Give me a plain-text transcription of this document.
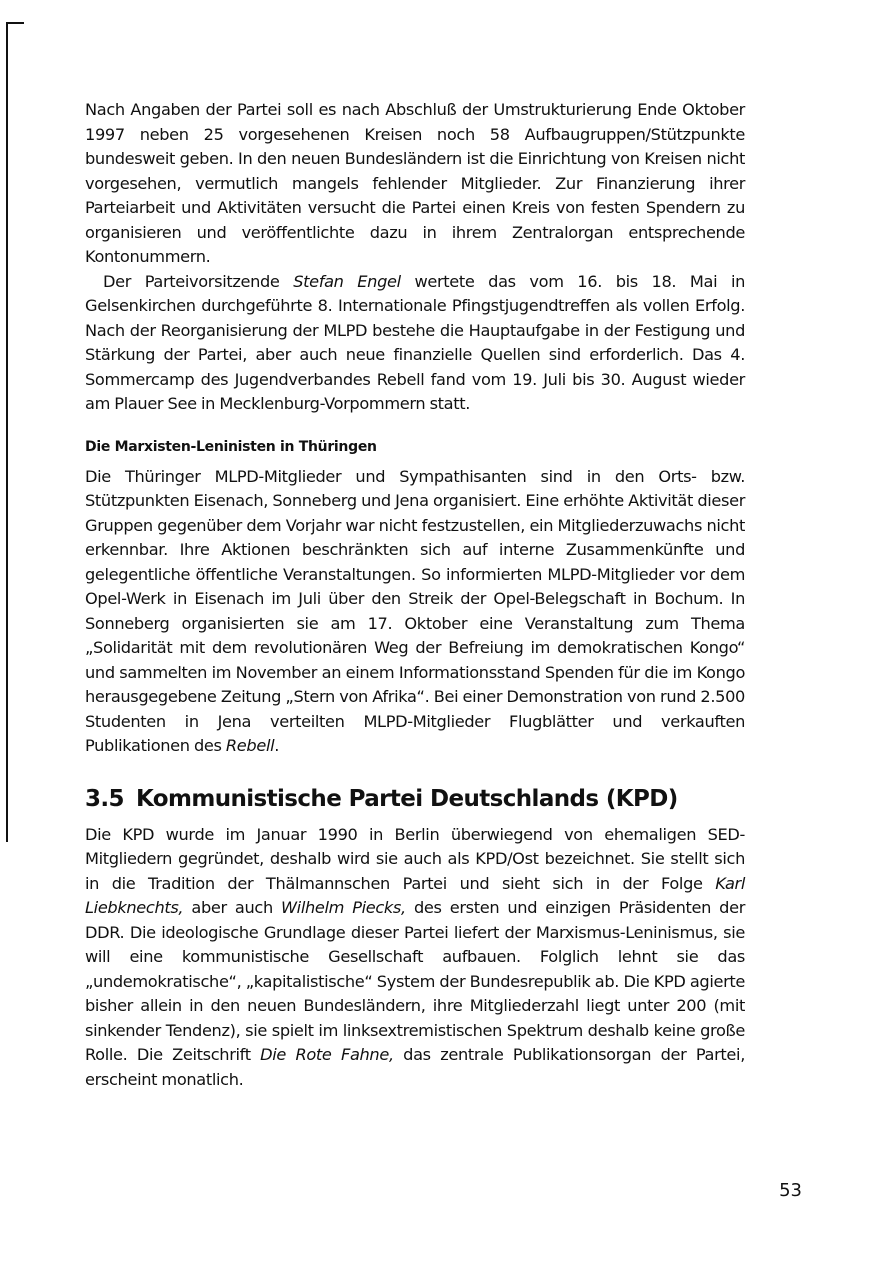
Nach Angaben der Partei soll es nach Abschluß der Umstrukturierung Ende Oktober 1997 neben 25 vorgesehenen Kreisen noch 58 Aufbaugruppen/Stützpunkte bundesweit geben. In den neuen Bundesländern ist die Einrichtung von Kreisen nicht vorgesehen, vermutlich mangels fehlender Mitglieder. Zur Finanzierung ihrer Parteiarbeit und Aktivitäten versucht die Partei einen Kreis von festen Spendern zu organisieren und veröffentlichte dazu in ihrem Zentralorgan entsprechende Kontonummern.

Der Parteivorsitzende Stefan Engel wertete das vom 16. bis 18. Mai in Gelsenkirchen durchgeführte 8. Internationale Pfingstjugendtreffen als vollen Erfolg. Nach der Reorganisierung der MLPD bestehe die Hauptaufgabe in der Festigung und Stärkung der Partei, aber auch neue finanzielle Quellen sind erforderlich. Das 4. Sommercamp des Jugendverbandes Rebell fand vom 19. Juli bis 30. August wieder am Plauer See in Mecklenburg-Vorpommern statt.

Die Marxisten-Leninisten in Thüringen

Die Thüringer MLPD-Mitglieder und Sympathisanten sind in den Orts- bzw. Stützpunkten Eisenach, Sonneberg und Jena organisiert. Eine erhöhte Aktivität dieser Gruppen gegenüber dem Vorjahr war nicht festzustellen, ein Mitgliederzuwachs nicht erkennbar. Ihre Aktionen beschränkten sich auf interne Zusammenkünfte und gelegentliche öffentliche Veranstaltungen. So informierten MLPD-Mitglieder vor dem Opel-Werk in Eisenach im Juli über den Streik der Opel-Belegschaft in Bochum. In Sonneberg organisierten sie am 17. Oktober eine Veranstaltung zum Thema „Solidarität mit dem revolutionären Weg der Befreiung im demokratischen Kongo“ und sammelten im November an einem Informationsstand Spenden für die im Kongo herausgegebene Zeitung „Stern von Afrika“. Bei einer Demonstration von rund 2.500 Studenten in Jena verteilten MLPD-Mitglieder Flugblätter und verkauften Publikationen des Rebell.

3.5 Kommunistische Partei Deutschlands (KPD)

Die KPD wurde im Januar 1990 in Berlin überwiegend von ehemaligen SED-Mitgliedern gegründet, deshalb wird sie auch als KPD/Ost bezeichnet. Sie stellt sich in die Tradition der Thälmannschen Partei und sieht sich in der Folge Karl Liebknechts, aber auch Wilhelm Piecks, des ersten und einzigen Präsidenten der DDR. Die ideologische Grundlage dieser Partei liefert der Marxismus-Leninismus, sie will eine kommunistische Gesellschaft aufbauen. Folglich lehnt sie das „undemokratische“, „kapitalistische“ System der Bundesrepublik ab. Die KPD agierte bisher allein in den neuen Bundesländern, ihre Mitgliederzahl liegt unter 200 (mit sinkender Tendenz), sie spielt im linksextremistischen Spektrum deshalb keine große Rolle. Die Zeitschrift Die Rote Fahne, das zentrale Publikationsorgan der Partei, erscheint monatlich.

53
